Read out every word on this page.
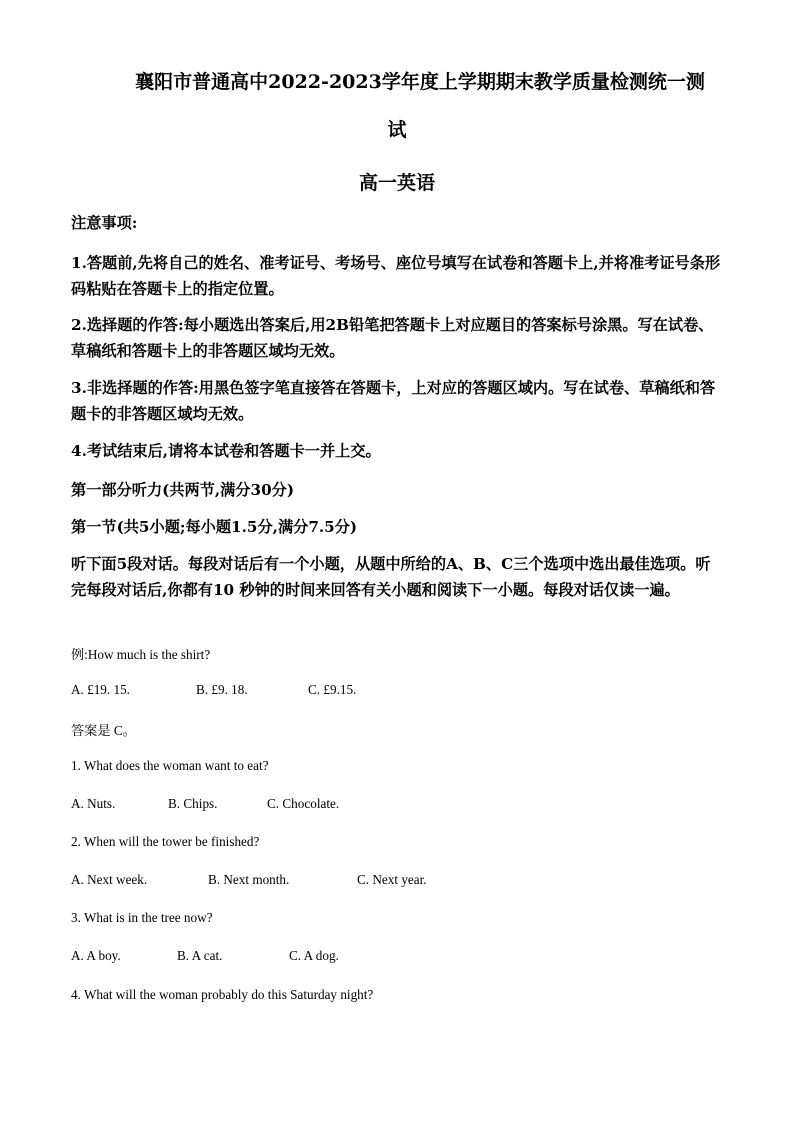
襄阳市普通高中2022-2023学年度上学期期末教学质量检测统一测
试
高一英语
注意事项:
1.答题前,先将自己的姓名、准考证号、考场号、座位号填写在试卷和答题卡上,并将准考证号条形码粘贴在答题卡上的指定位置。
2.选择题的作答:每小题选出答案后,用2B铅笔把答题卡上对应题目的答案标号涂黑。写在试卷、草稿纸和答题卡上的非答题区域均无效。
3.非选择题的作答:用黑色签字笔直接答在答题卡，上对应的答题区域内。写在试卷、草稿纸和答题卡的非答题区域均无效。
4.考试结束后,请将本试卷和答题卡一并上交。
第一部分听力(共两节,满分30分)
第一节(共5小题;每小题1.5分,满分7.5分)
听下面5段对话。每段对话后有一个小题，从题中所给的A、B、C三个选项中选出最佳选项。听完每段对话后,你都有10 秒钟的时间来回答有关小题和阅读下一小题。每段对话仅读一遍。
例:How much is the shirt?
A. £19. 15.	B. £9. 18.	C. £9.15.
答案是 C。
1. What does the woman want to eat?
A. Nuts.	B. Chips.	C. Chocolate.
2. When will the tower be finished?
A. Next week.	B. Next month.	C. Next year.
3. What is in the tree now?
A. A boy.	B. A cat.	C. A dog.
4. What will the woman probably do this Saturday night?
